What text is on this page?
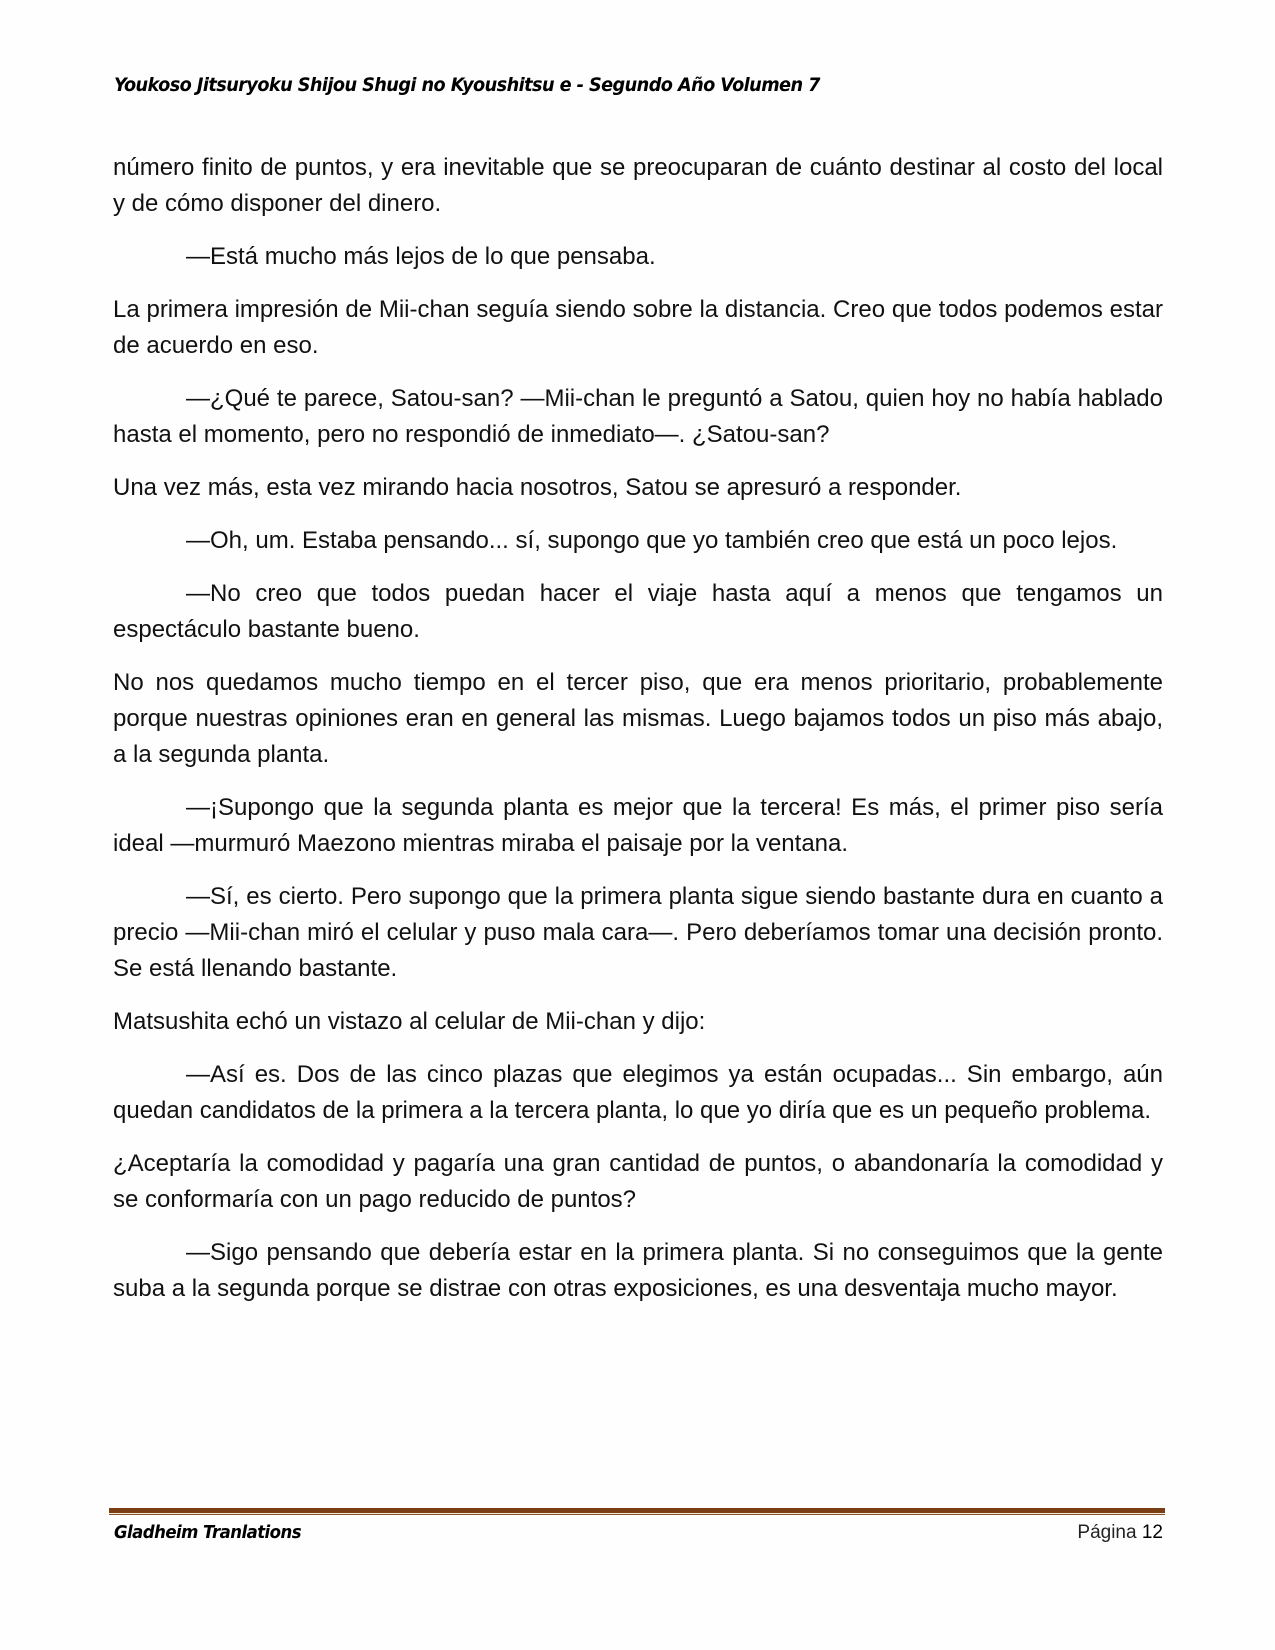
Youkoso Jitsuryoku Shijou Shugi no Kyoushitsu e - Segundo Año Volumen 7

número finito de puntos, y era inevitable que se preocuparan de cuánto destinar al costo del local y de cómo disponer del dinero.

—Está mucho más lejos de lo que pensaba.

La primera impresión de Mii-chan seguía siendo sobre la distancia. Creo que todos podemos estar de acuerdo en eso.

—¿Qué te parece, Satou-san? —Mii-chan le preguntó a Satou, quien hoy no había hablado hasta el momento, pero no respondió de inmediato—. ¿Satou-san?

Una vez más, esta vez mirando hacia nosotros, Satou se apresuró a responder.

—Oh, um. Estaba pensando... sí, supongo que yo también creo que está un poco lejos.

—No creo que todos puedan hacer el viaje hasta aquí a menos que tengamos un espectáculo bastante bueno.

No nos quedamos mucho tiempo en el tercer piso, que era menos prioritario, probablemente porque nuestras opiniones eran en general las mismas. Luego bajamos todos un piso más abajo, a la segunda planta.

—¡Supongo que la segunda planta es mejor que la tercera! Es más, el primer piso sería ideal —murmuró Maezono mientras miraba el paisaje por la ventana.

—Sí, es cierto. Pero supongo que la primera planta sigue siendo bastante dura en cuanto a precio —Mii-chan miró el celular y puso mala cara—. Pero deberíamos tomar una decisión pronto. Se está llenando bastante.

Matsushita echó un vistazo al celular de Mii-chan y dijo:

—Así es. Dos de las cinco plazas que elegimos ya están ocupadas... Sin embargo, aún quedan candidatos de la primera a la tercera planta, lo que yo diría que es un pequeño problema.

¿Aceptaría la comodidad y pagaría una gran cantidad de puntos, o abandonaría la comodidad y se conformaría con un pago reducido de puntos?

—Sigo pensando que debería estar en la primera planta. Si no conseguimos que la gente suba a la segunda porque se distrae con otras exposiciones, es una desventaja mucho mayor.

Gladheim Tranlations	Página 12
